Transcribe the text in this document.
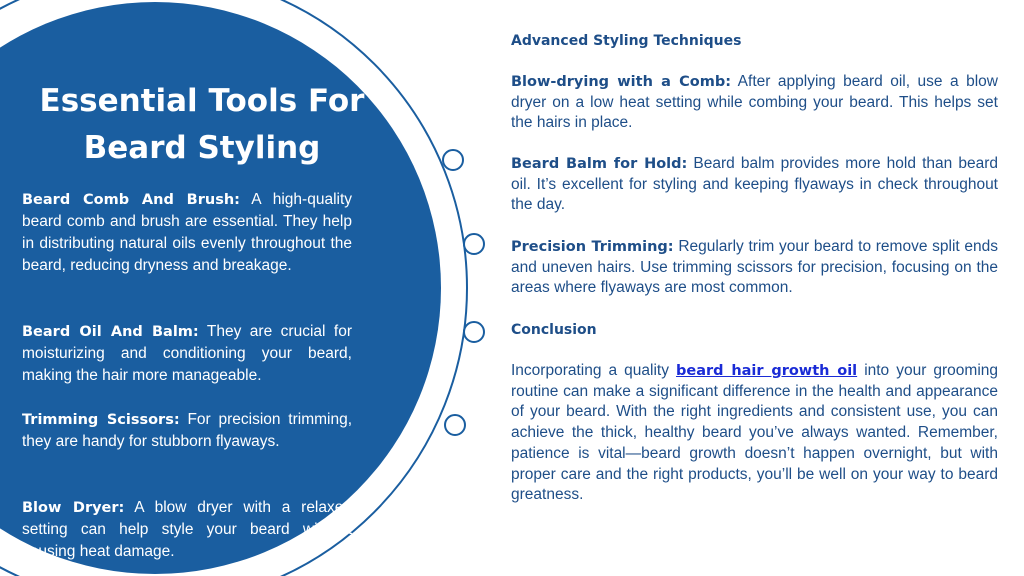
Essential Tools For
Beard Styling

Beard Comb And Brush: A high-quality beard comb and brush are essential. They help in distributing natural oils evenly throughout the beard, reducing dryness and breakage.

Beard Oil And Balm: They are crucial for moisturizing and conditioning your beard, making the hair more manageable.

Trimming Scissors: For precision trimming, they are handy for stubborn flyaways.

Blow Dryer: A blow dryer with a relaxed setting can help style your beard without causing heat damage.

Advanced Styling Techniques

Blow-drying with a Comb: After applying beard oil, use a blow dryer on a low heat setting while combing your beard. This helps set the hairs in place.

Beard Balm for Hold: Beard balm provides more hold than beard oil. It’s excellent for styling and keeping flyaways in check throughout the day.

Precision Trimming: Regularly trim your beard to remove split ends and uneven hairs. Use trimming scissors for precision, focusing on the areas where flyaways are most common.

Conclusion

Incorporating a quality beard hair growth oil into your grooming routine can make a significant difference in the health and appearance of your beard. With the right ingredients and consistent use, you can achieve the thick, healthy beard you’ve always wanted. Remember, patience is vital—beard growth doesn’t happen overnight, but with proper care and the right products, you’ll be well on your way to beard greatness.
